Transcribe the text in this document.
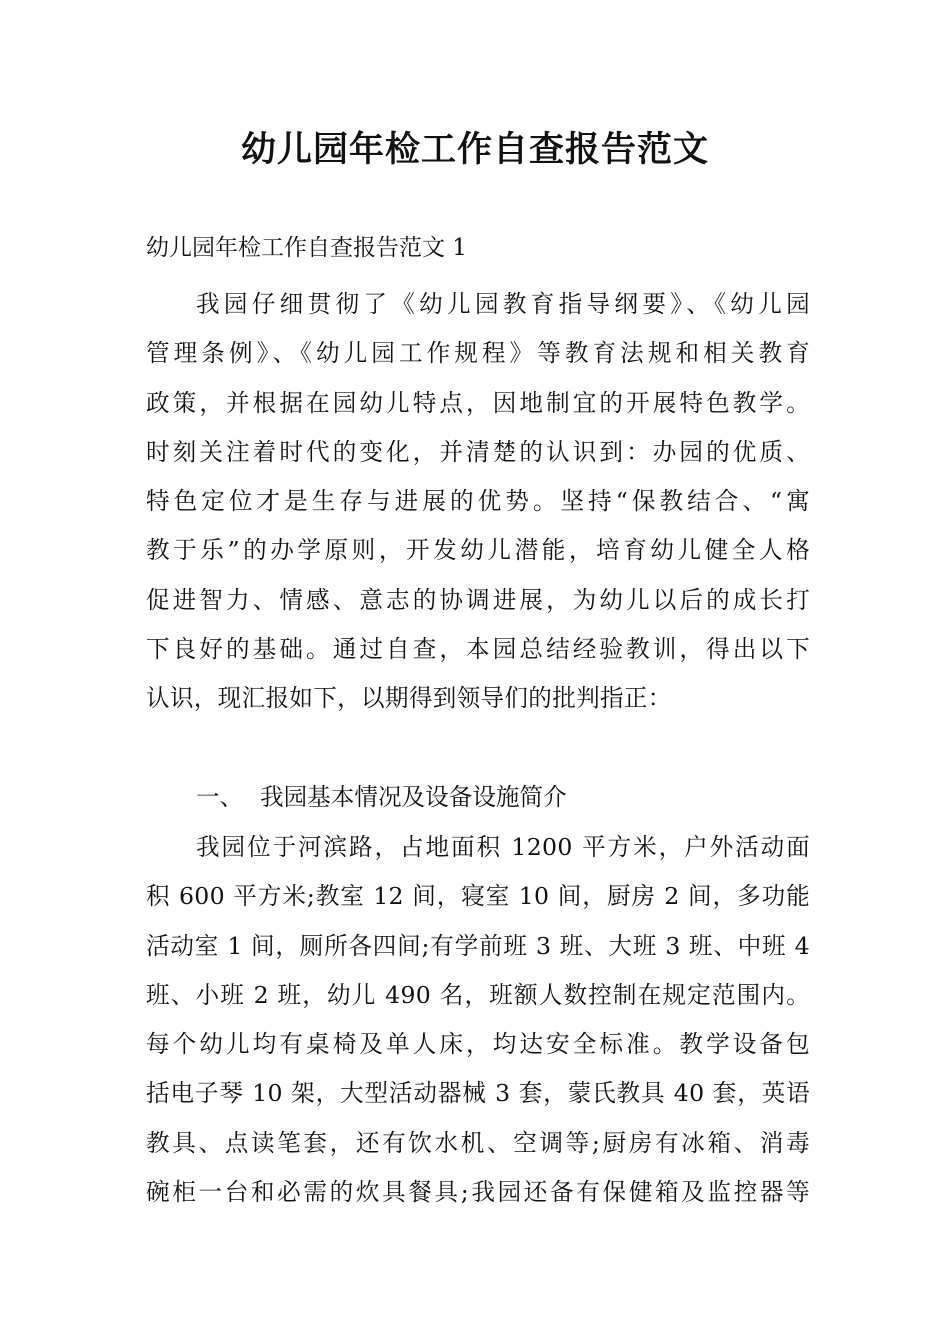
幼儿园年检工作自查报告范文

幼儿园年检工作自查报告范文 1

我园仔细贯彻了《幼儿园教育指导纲要》、《幼儿园
管理条例》、《幼儿园工作规程》等教育法规和相关教育
政策，并根据在园幼儿特点，因地制宜的开展特色教学。
时刻关注着时代的变化，并清楚的认识到：办园的优质、
特色定位才是生存与进展的优势。坚持“保教结合、“寓
教于乐”的办学原则，开发幼儿潜能，培育幼儿健全人格
促进智力、情感、意志的协调进展，为幼儿以后的成长打
下良好的基础。通过自查，本园总结经验教训，得出以下
认识，现汇报如下，以期得到领导们的批判指正：

一、 我园基本情况及设备设施简介

我园位于河滨路，占地面积 1200 平方米，户外活动面
积 600 平方米;教室 12 间，寝室 10 间，厨房 2 间，多功能
活动室 1 间，厕所各四间;有学前班 3 班、大班 3 班、中班 4
班、小班 2 班，幼儿 490 名，班额人数控制在规定范围内。
每个幼儿均有桌椅及单人床，均达安全标准。教学设备包
括电子琴 10 架，大型活动器械 3 套，蒙氏教具 40 套，英语
教具、点读笔套，还有饮水机、空调等;厨房有冰箱、消毒
碗柜一台和必需的炊具餐具;我园还备有保健箱及监控器等
